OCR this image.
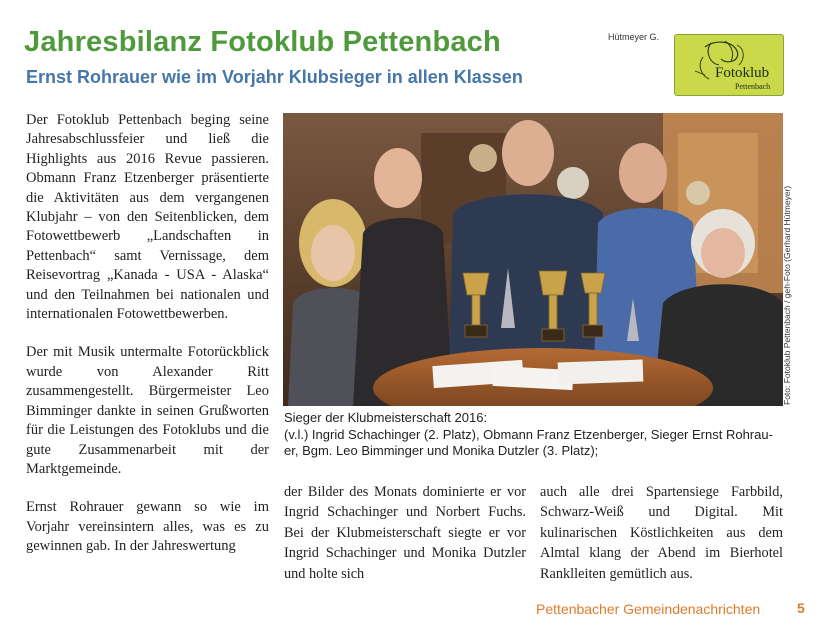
Jahresbilanz Fotoklub Pettenbach
Ernst Rohrauer wie im Vorjahr Klubsieger in allen Klassen
Hütmeyer G.
Fotoklub
Pettenbach

Der Fotoklub Pettenbach beging seine Jahresabschlussfeier und ließ die Highlights aus 2016 Revue passieren. Obmann Franz Etzenberger präsentierte die Aktivitäten aus dem vergangenen Klubjahr – von den Seitenblicken, dem Fotowettbewerb „Landschaften in Pettenbach“ samt Vernissage, dem Reisevortrag „Kanada - USA - Alaska“ und den Teilnahmen bei nationalen und internationalen Fotowettbewerben.

Der mit Musik untermalte Fotorückblick wurde von Alexander Ritt zusammengestellt. Bürgermeister Leo Bimminger dankte in seinen Grußworten für die Leistungen des Fotoklubs und die gute Zusammenarbeit mit der Marktgemeinde.

Ernst Rohrauer gewann so wie im Vorjahr vereinsintern alles, was es zu gewinnen gab. In der Jahreswertung

Foto: Fotoklub Pettenbach / geh-Foto (Gerhard Hütmeyer)
Sieger der Klubmeisterschaft 2016:
(v.l.) Ingrid Schachinger (2. Platz), Obmann Franz Etzenberger, Sieger Ernst Rohrau-
er, Bgm. Leo Bimminger und Monika Dutzler (3. Platz);

der Bilder des Monats dominierte er vor Ingrid Schachinger und Norbert Fuchs. Bei der Klubmeisterschaft siegte er vor Ingrid Schachinger und Monika Dutzler und holte sich

auch alle drei Spartensiege Farbbild, Schwarz-Weiß und Digital. Mit kulinarischen Köstlichkeiten aus dem Almtal klang der Abend im Bierhotel Ranklleiten gemütlich aus.

Pettenbacher Gemeindenachrichten	5
